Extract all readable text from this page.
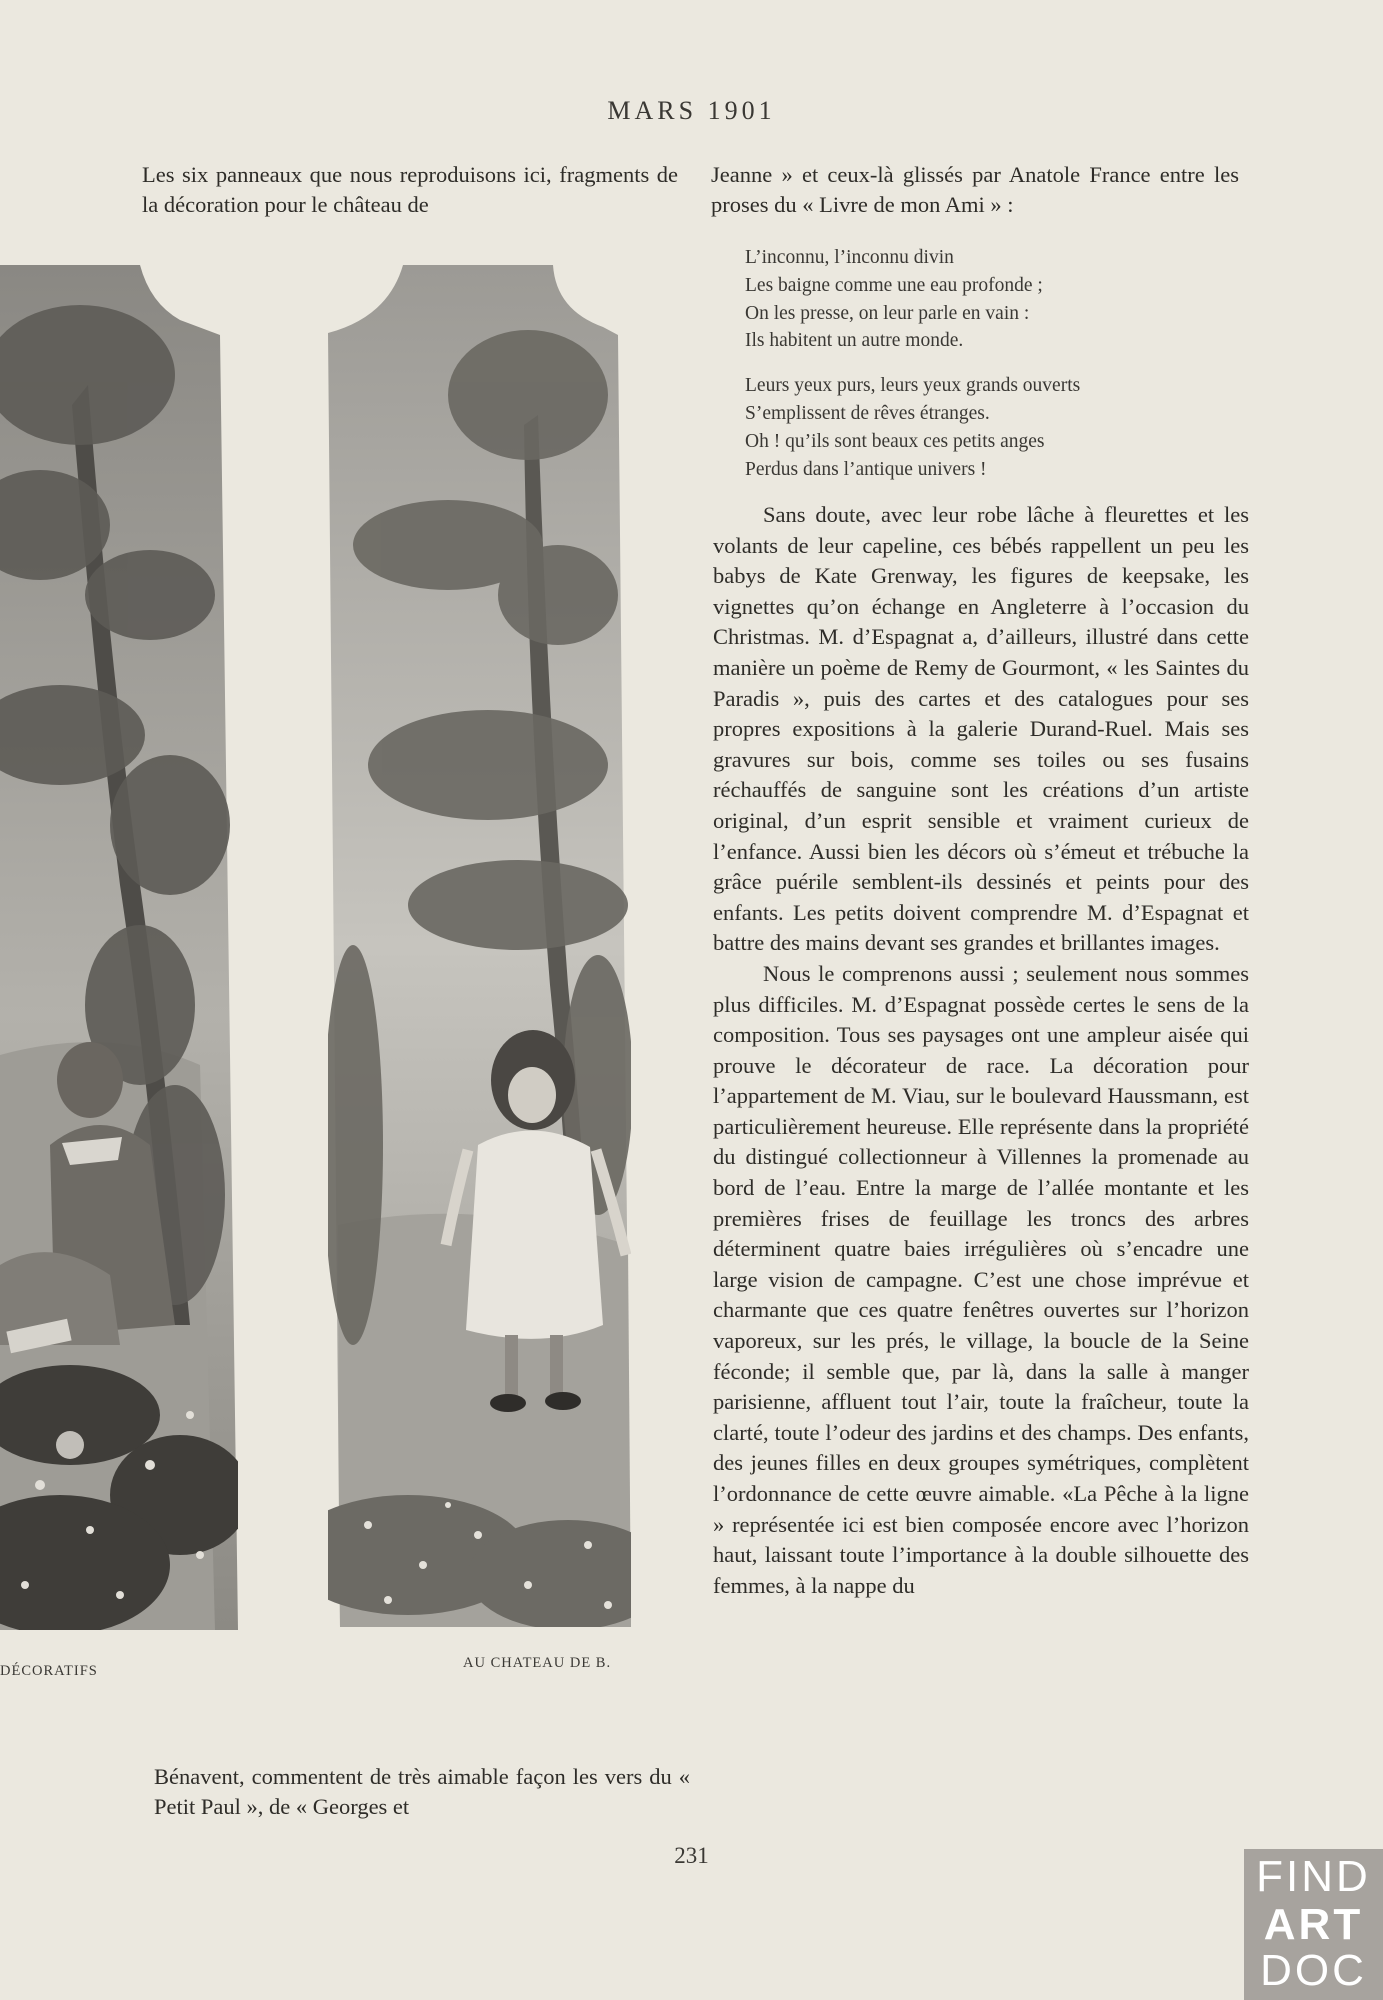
MARS 1901

Les six panneaux que nous reproduisons ici, fragments de la décoration pour le château de

Jeanne » et ceux-là glissés par Anatole France entre les proses du « Livre de mon Ami » :

L’inconnu, l’inconnu divin
Les baigne comme une eau profonde ;
On les presse, on leur parle en vain :
Ils habitent un autre monde.
Leurs yeux purs, leurs yeux grands ouverts
S’emplissent de rêves étranges.
Oh ! qu’ils sont beaux ces petits anges
Perdus dans l’antique univers !

Sans doute, avec leur robe lâche à fleurettes et les volants de leur capeline, ces bébés rappellent un peu les babys de Kate Grenway, les figures de keepsake, les vignettes qu’on échange en Angleterre à l’occasion du Christmas. M. d’Espagnat a, d’ailleurs, illustré dans cette manière un poème de Remy de Gourmont, « les Saintes du Paradis », puis des cartes et des catalogues pour ses propres expositions à la galerie Durand-Ruel. Mais ses gravures sur bois, comme ses toiles ou ses fusains réchauffés de sanguine sont les créations d’un artiste original, d’un esprit sensible et vraiment curieux de l’enfance. Aussi bien les décors où s’émeut et trébuche la grâce puérile semblent-ils dessinés et peints pour des enfants. Les petits doivent comprendre M. d’Espagnat et battre des mains devant ses grandes et brillantes images.

Nous le comprenons aussi ; seulement nous sommes plus difficiles. M. d’Espagnat possède certes le sens de la composition. Tous ses paysages ont une ampleur aisée qui prouve le décorateur de race. La décoration pour l’appartement de M. Viau, sur le boulevard Haussmann, est particulièrement heureuse. Elle représente dans la propriété du distingué collectionneur à Villennes la promenade au bord de l’eau. Entre la marge de l’allée montante et les premières frises de feuillage les troncs des arbres déterminent quatre baies irrégulières où s’encadre une large vision de campagne. C’est une chose imprévue et charmante que ces quatre fenêtres ouvertes sur l’horizon vaporeux, sur les prés, le village, la boucle de la Seine féconde; il semble que, par là, dans la salle à manger parisienne, affluent tout l’air, toute la fraîcheur, toute la clarté, toute l’odeur des jardins et des champs. Des enfants, des jeunes filles en deux groupes symétriques, complètent l’ordonnance de cette œuvre aimable. «La Pêche à la ligne » représentée ici est bien composée encore avec l’horizon haut, laissant toute l’importance à la double silhouette des femmes, à la nappe du

DÉCORATIFS	AU CHATEAU DE B.

Bénavent, commentent de très aimable façon les vers du « Petit Paul », de « Georges et

231	FIND
ART
DOC
